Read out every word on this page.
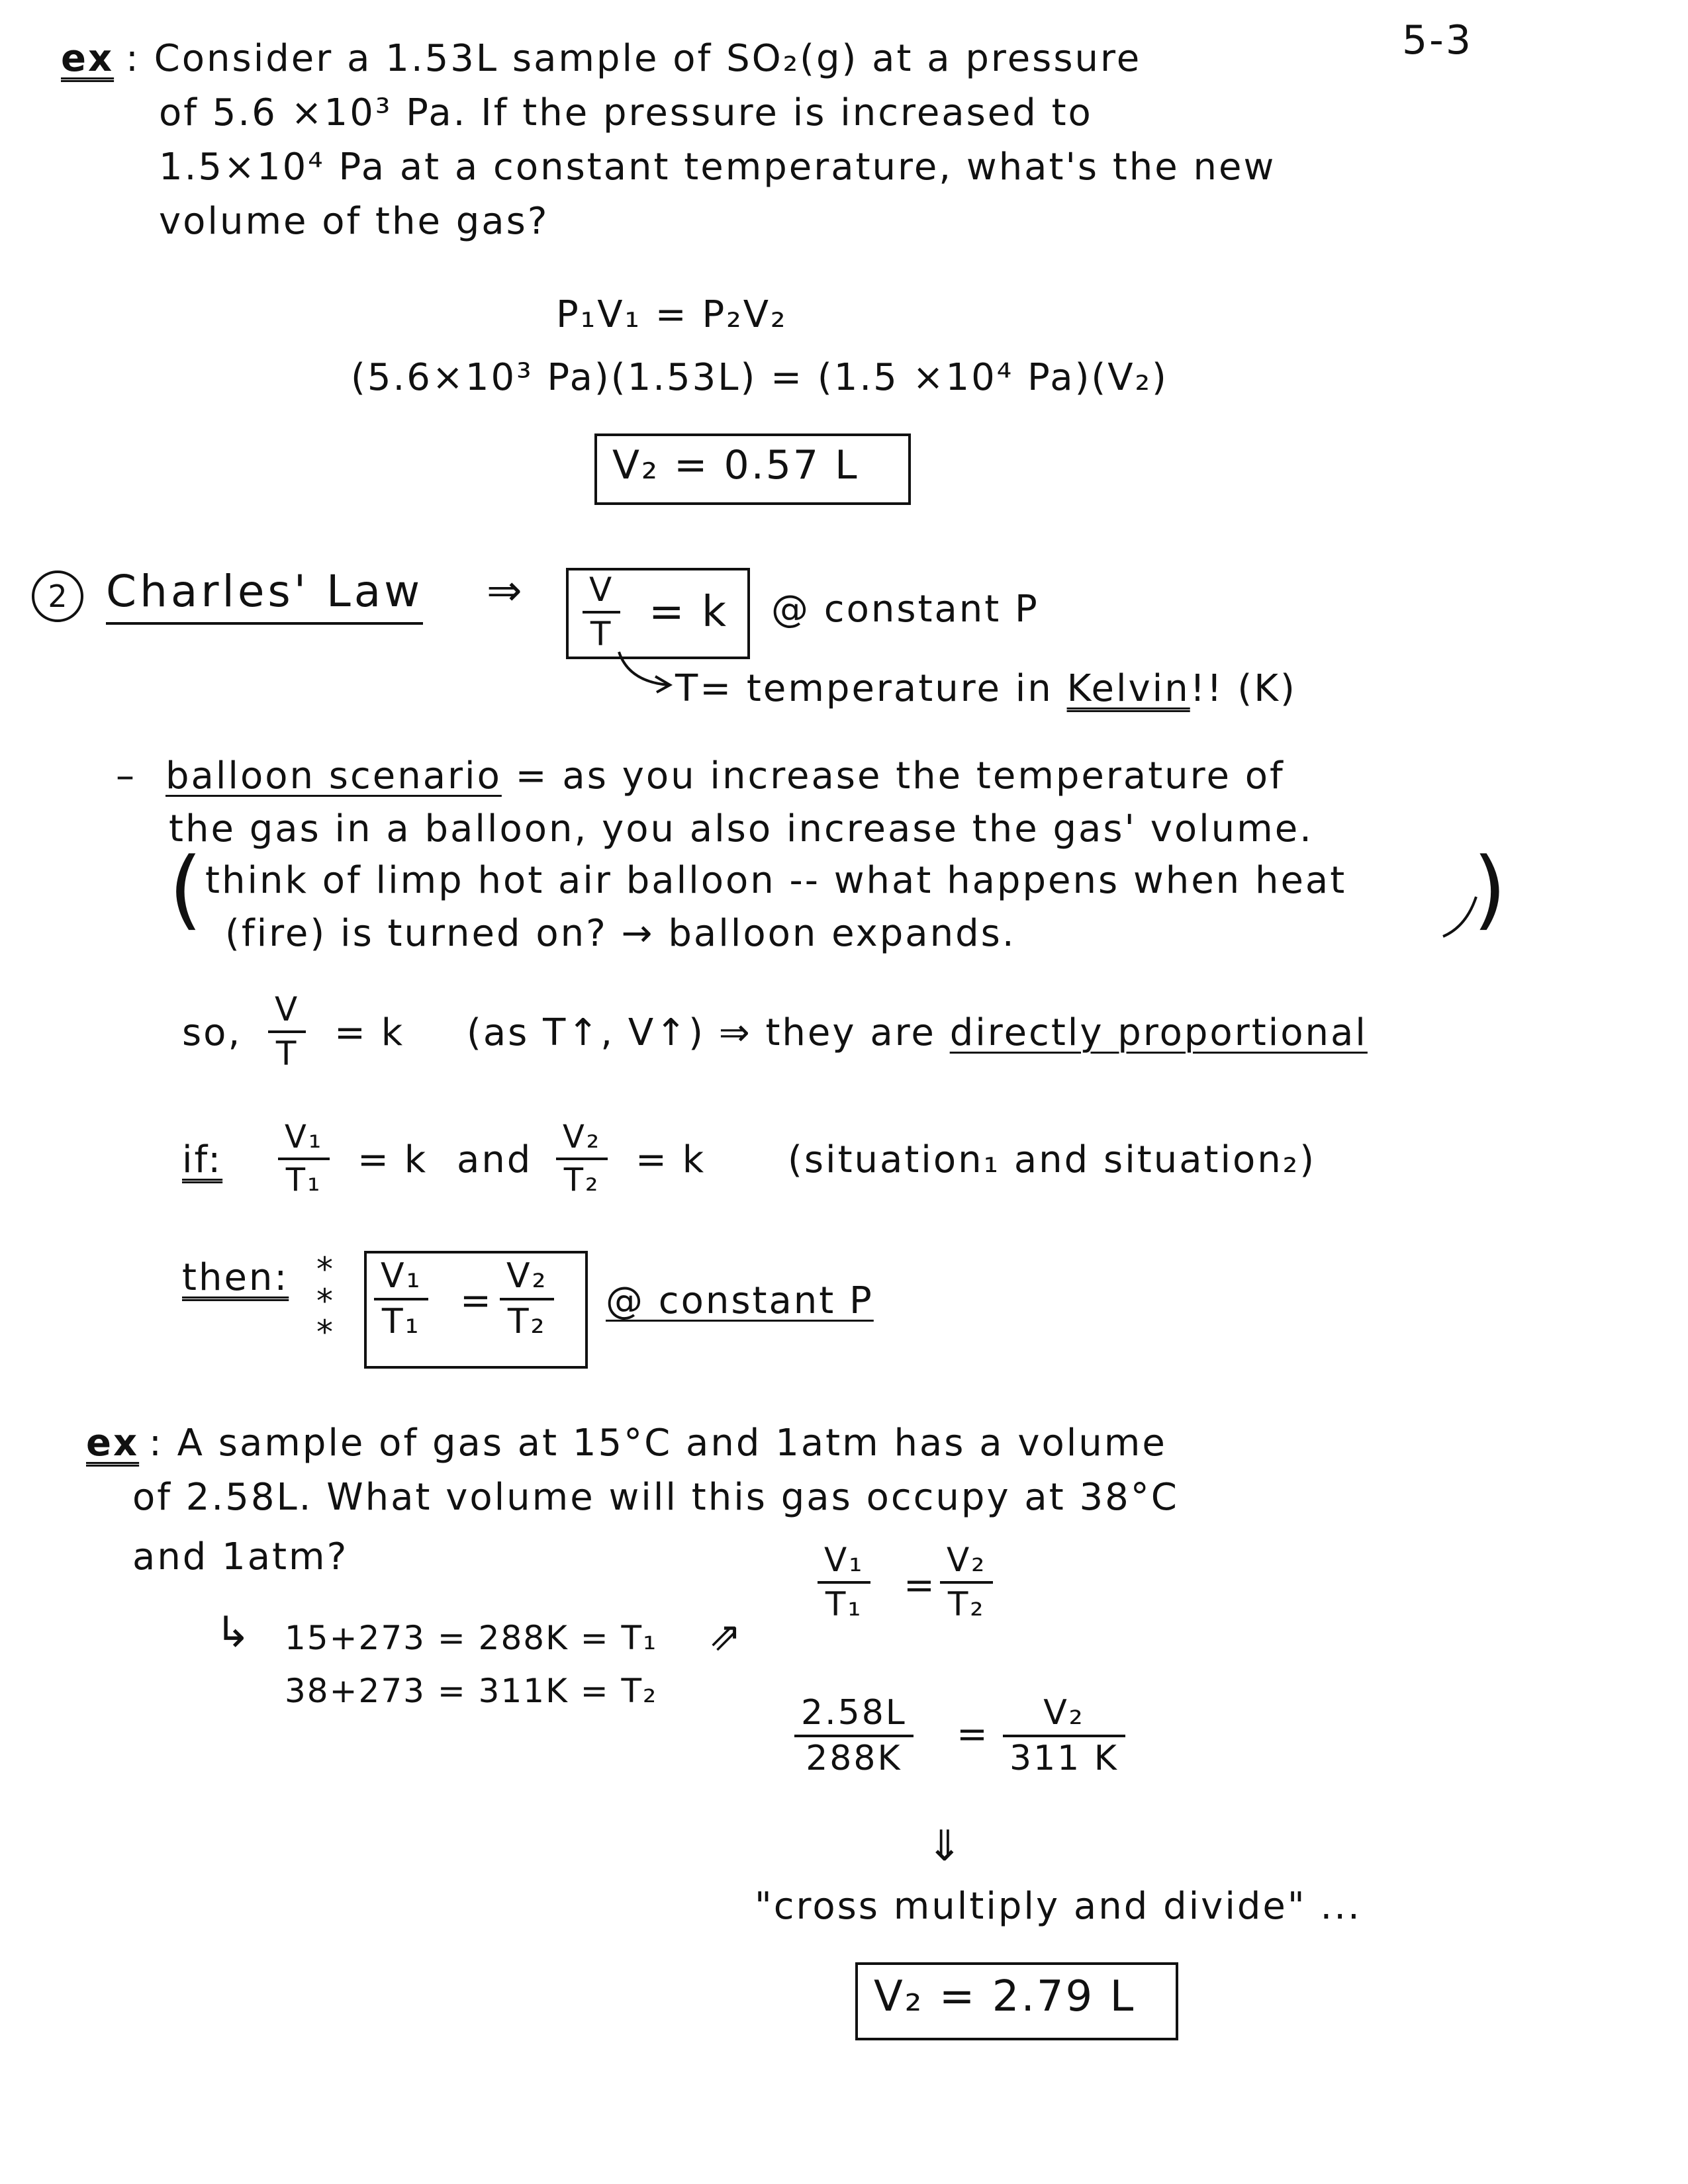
5-3
ex : Consider a 1.53L sample of SO₂(g) at a pressure
of 5.6 ×10³ Pa. If the pressure is increased to
1.5×10⁴ Pa at a constant temperature, what's the new
volume of the gas?
P₁V₁ = P₂V₂
(5.6×10³ Pa)(1.53L) = (1.5 ×10⁴ Pa)(V₂)
V₂ = 0.57 L
2 Charles' Law ⇒ $\frac{V}{T} = k$ @ constant P
T= temperature in Kelvin!! (K)
– balloon scenario = as you increase the temperature of
the gas in a balloon, you also increase the gas' volume.
( think of limp hot air balloon -- what happens when heat
(fire) is turned on? → balloon expands.	)
so, $\frac{V}{T} = k$ (as T↑, V↑) ⇒ they are directly proportional
if: $\frac{\text{V₁}}{\text{T₁}} = k$ and $\frac{\text{V₂}}{\text{T₂}} = k$ (situation₁ and situation₂)
then: *
*
* $\frac{\text{V₁}}{\text{T₁}} = \frac{\text{V₂}}{\text{T₂}}$ @ constant P
ex : A sample of gas at 15°C and 1atm has a volume
of 2.58L. What volume will this gas occupy at 38°C
and 1atm?
↳ 15+273 = 288K = T₁
38+273 = 311K = T₂
⇗
$\frac{\text{V₁}}{\text{T₁}} = \frac{\text{V₂}}{\text{T₂}}$
$\frac{2.58L}{288K} = \frac{\text{V₂}}{311 K}$
⇓
"cross multiply and divide" ...
V₂ = 2.79 L
